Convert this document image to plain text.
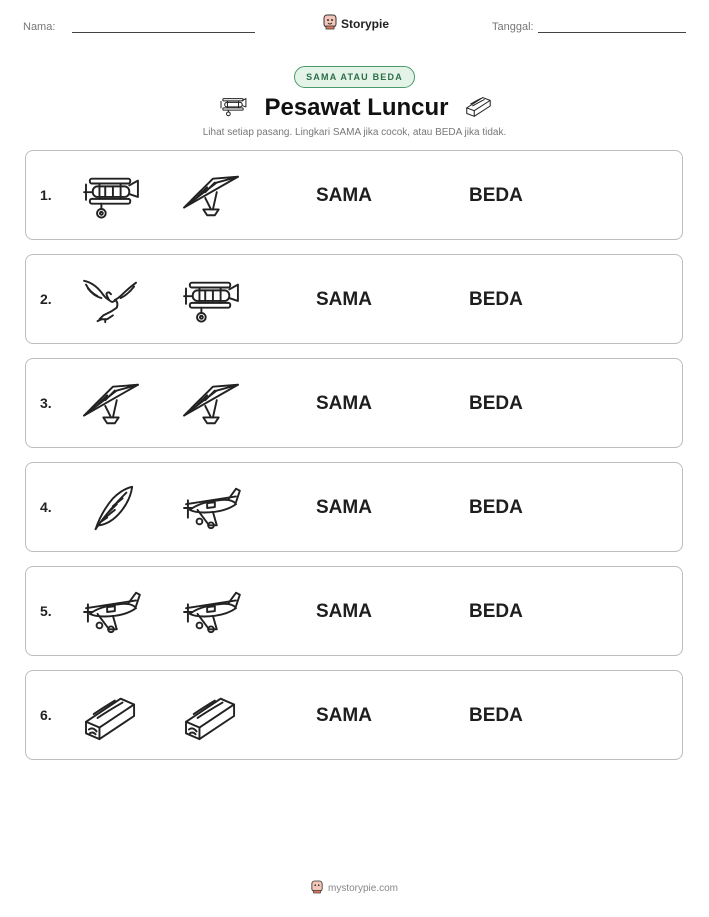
Nama:	Storypie	Tanggal:
SAMA ATAU BEDA
Pesawat Luncur
Lihat setiap pasang. Lingkari SAMA jika cocok, atau BEDA jika tidak.
1.	SAMA	BEDA
2.	SAMA	BEDA
3.	SAMA	BEDA
4.	SAMA	BEDA
5.	SAMA	BEDA
6.	SAMA	BEDA
mystorypie.com
